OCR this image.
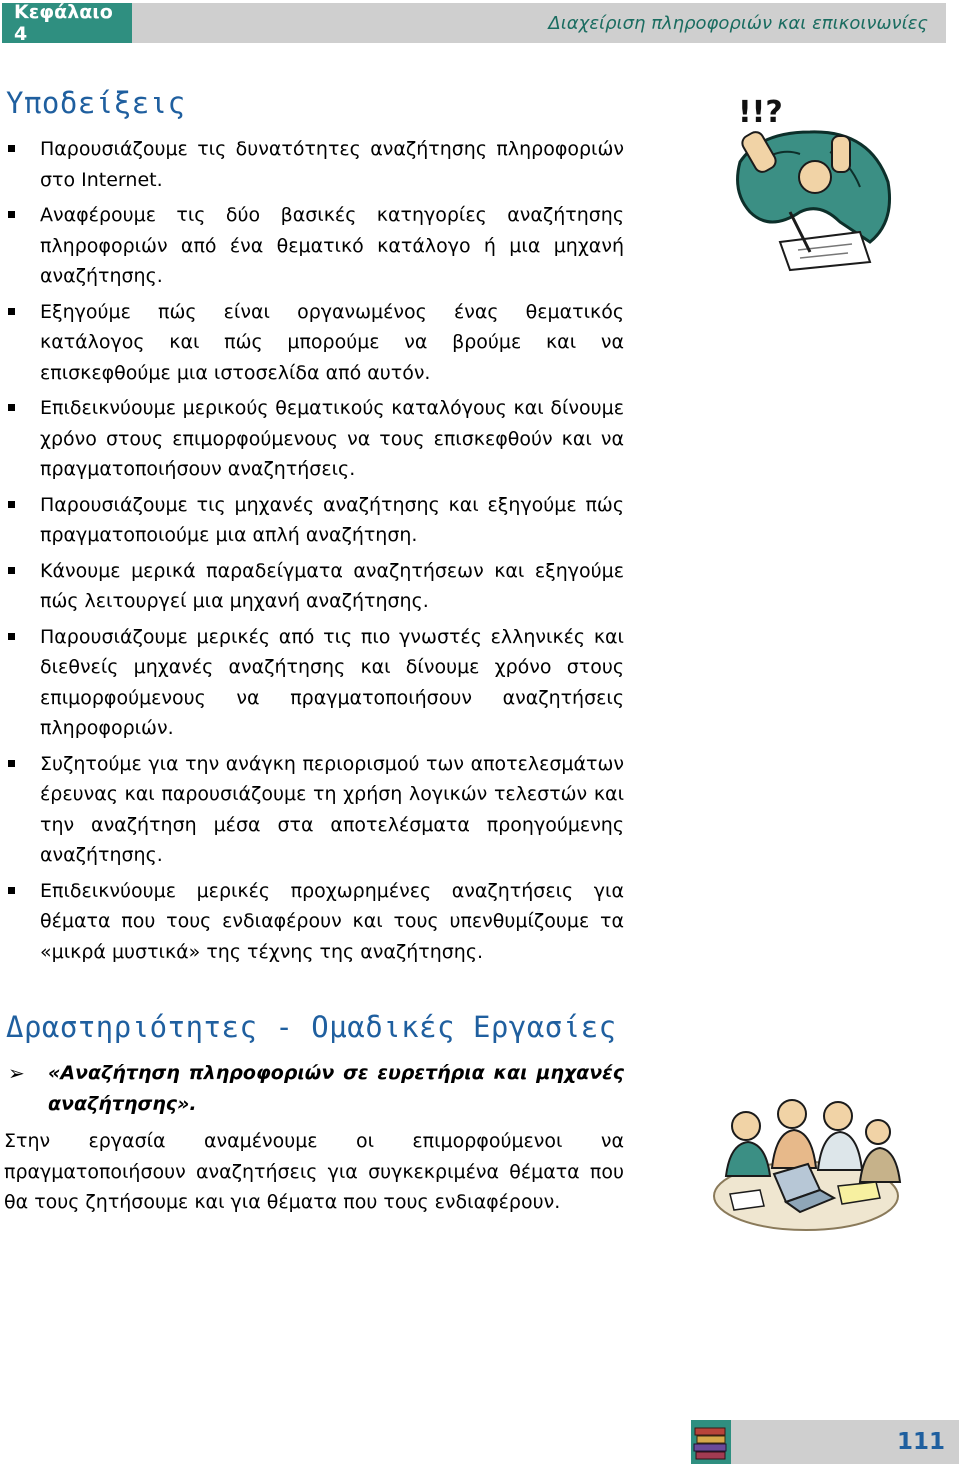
Κεφάλαιο 4	Διαχείριση πληροφοριών και επικοινωνίες
Υποδείξεις
Παρουσιάζουμε τις δυνατότητες αναζήτησης πληροφοριών στο Internet.
Αναφέρουμε τις δύο βασικές κατηγορίες αναζήτησης πληροφοριών από ένα θεματικό κατάλογο ή μια μηχανή αναζήτησης.
Εξηγούμε πώς είναι οργανωμένος ένας θεματικός κατάλογος και πώς μπορούμε να βρούμε και να επισκεφθούμε μια ιστοσελίδα από αυτόν.
Επιδεικνύουμε μερικούς θεματικούς καταλόγους και δίνουμε χρόνο στους επιμορφούμενους να τους επισκεφθούν και να πραγματοποιήσουν αναζητήσεις.
Παρουσιάζουμε τις μηχανές αναζήτησης και εξηγούμε πώς πραγματοποιούμε μια απλή αναζήτηση.
Κάνουμε μερικά παραδείγματα αναζητήσεων και εξηγούμε πώς λειτουργεί μια μηχανή αναζήτησης.
Παρουσιάζουμε μερικές από τις πιο γνωστές ελληνικές και διεθνείς μηχανές αναζήτησης και δίνουμε χρόνο στους επιμορφούμενους να πραγματοποιήσουν αναζητήσεις πληροφοριών.
Συζητούμε για την ανάγκη περιορισμού των αποτελεσμάτων έρευνας και παρουσιάζουμε τη χρήση λογικών τελεστών και την αναζήτηση μέσα στα αποτελέσματα προηγούμενης αναζήτησης.
Επιδεικνύουμε μερικές προχωρημένες αναζητήσεις για θέματα που τους ενδιαφέρουν και τους υπενθυμίζουμε τα «μικρά μυστικά» της τέχνης της αναζήτησης.
!!?
Δραστηριότητες - Ομαδικές Εργασίες
➢ «Αναζήτηση πληροφοριών σε ευρετήρια και μηχανές αναζήτησης».

Στην εργασία αναμένουμε οι επιμορφούμενοι να πραγματοποιήσουν αναζητήσεις για συγκεκριμένα θέματα που θα τους ζητήσουμε και για θέματα που τους ενδιαφέρουν.

111
